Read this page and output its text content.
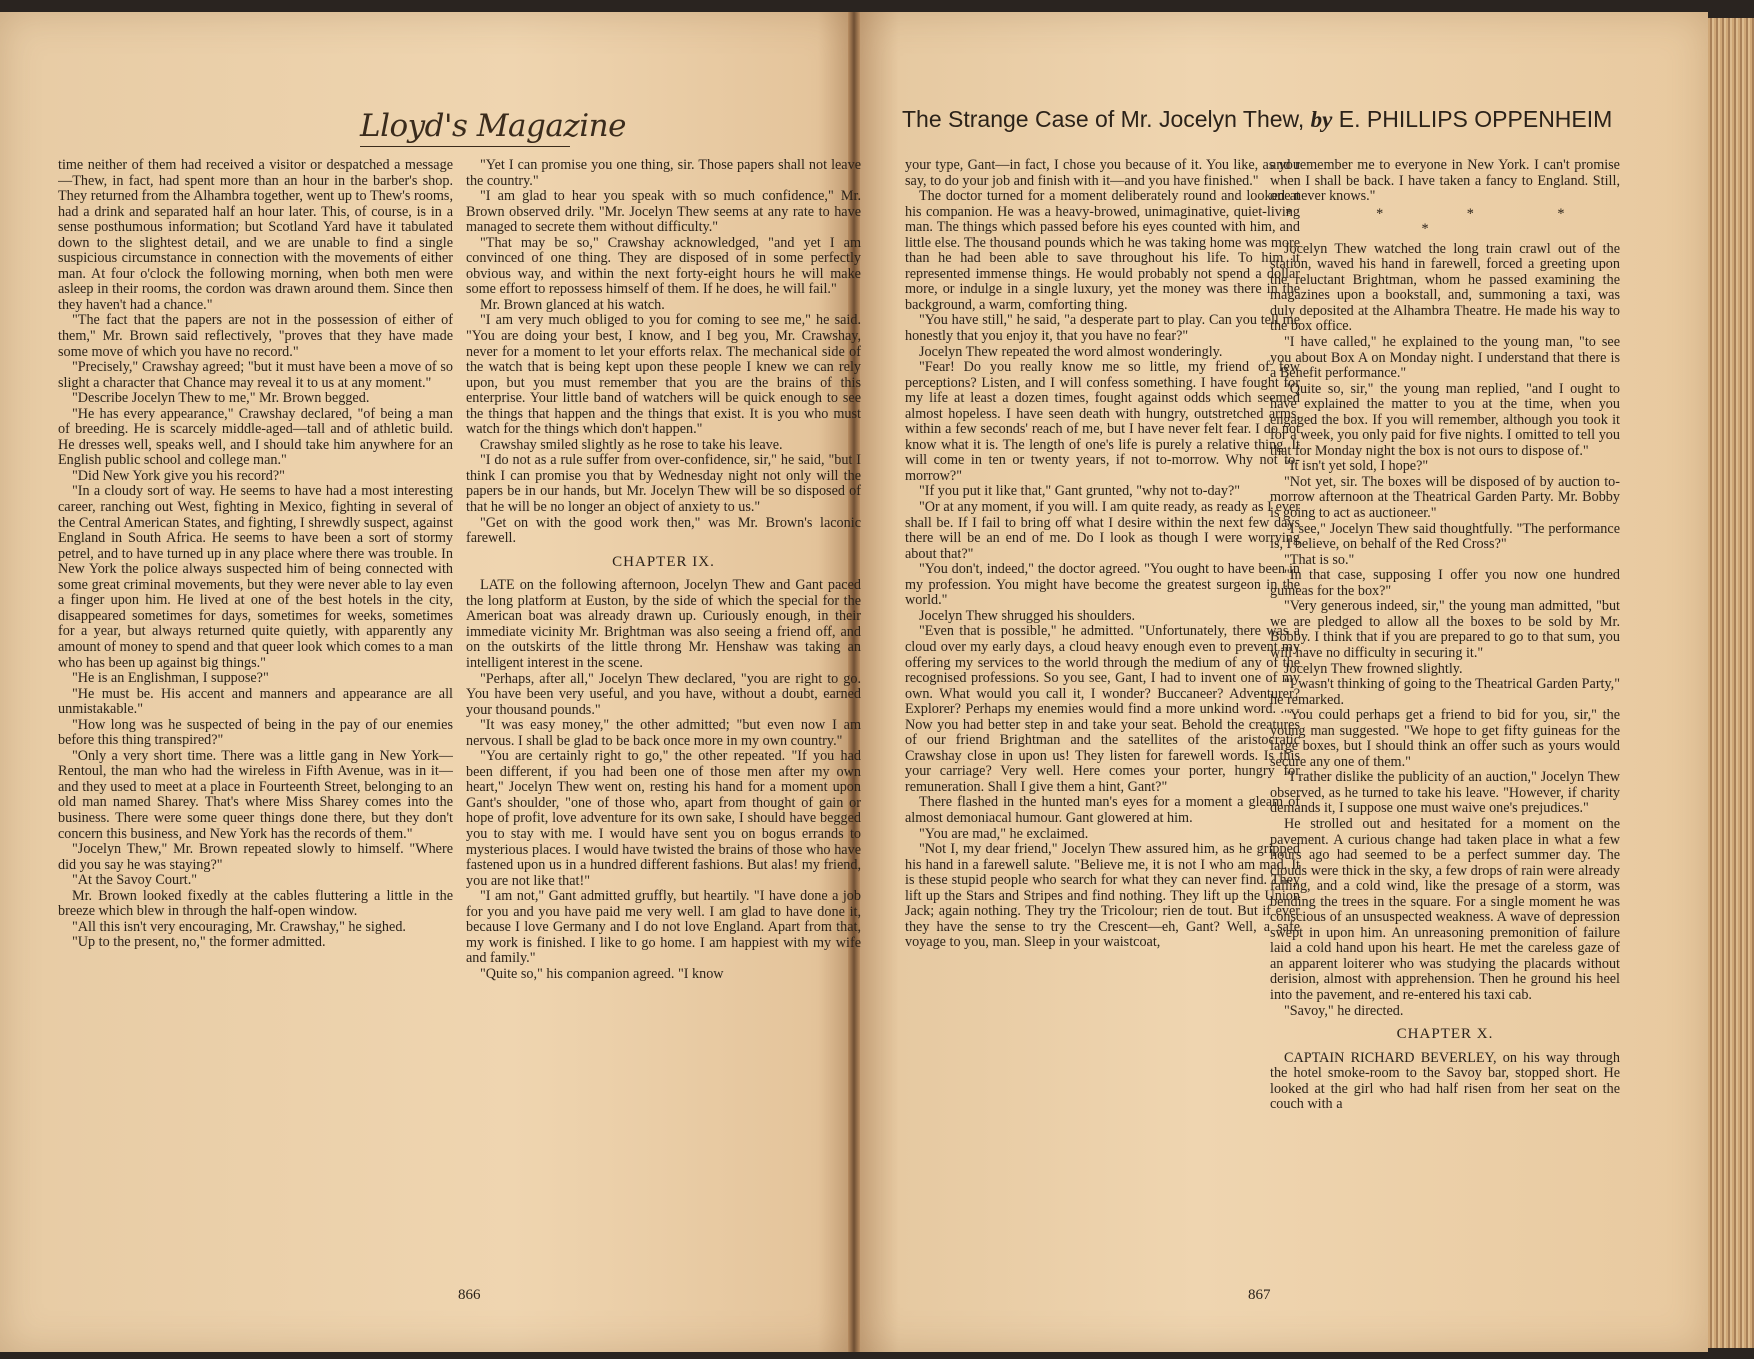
Lloyd's Magazine	The Strange Case of Mr. Jocelyn Thew, by E. PHILLIPS OPPENHEIM

time neither of them had received a visitor or despatched a message—Thew, in fact, had spent more than an hour in the barber's shop. They returned from the Alhambra together, went up to Thew's rooms, had a drink and separated half an hour later. This, of course, is in a sense posthumous information; but Scotland Yard have it tabulated down to the slightest detail, and we are unable to find a single suspicious circumstance in connection with the movements of either man. At four o'clock the following morning, when both men were asleep in their rooms, the cordon was drawn around them. Since then they haven't had a chance."

"The fact that the papers are not in the possession of either of them," Mr. Brown said reflectively, "proves that they have made some move of which you have no record."

"Precisely," Crawshay agreed; "but it must have been a move of so slight a character that Chance may reveal it to us at any moment."

"Describe Jocelyn Thew to me," Mr. Brown begged.

"He has every appearance," Crawshay declared, "of being a man of breeding. He is scarcely middle-aged—tall and of athletic build. He dresses well, speaks well, and I should take him anywhere for an English public school and college man."

"Did New York give you his record?"

"In a cloudy sort of way. He seems to have had a most interesting career, ranching out West, fighting in Mexico, fighting in several of the Central American States, and fighting, I shrewdly suspect, against England in South Africa. He seems to have been a sort of stormy petrel, and to have turned up in any place where there was trouble. In New York the police always suspected him of being connected with some great criminal movements, but they were never able to lay even a finger upon him. He lived at one of the best hotels in the city, disappeared sometimes for days, sometimes for weeks, sometimes for a year, but always returned quite quietly, with apparently any amount of money to spend and that queer look which comes to a man who has been up against big things."

"He is an Englishman, I suppose?"

"He must be. His accent and manners and appearance are all unmistakable."

"How long was he suspected of being in the pay of our enemies before this thing transpired?"

"Only a very short time. There was a little gang in New York—Rentoul, the man who had the wireless in Fifth Avenue, was in it—and they used to meet at a place in Fourteenth Street, belonging to an old man named Sharey. That's where Miss Sharey comes into the business. There were some queer things done there, but they don't concern this business, and New York has the records of them."

"Jocelyn Thew," Mr. Brown repeated slowly to himself. "Where did you say he was staying?"

"At the Savoy Court."

Mr. Brown looked fixedly at the cables fluttering a little in the breeze which blew in through the half-open window.

"All this isn't very encouraging, Mr. Crawshay," he sighed.

"Up to the present, no," the former admitted.

"Yet I can promise you one thing, sir. Those papers shall not leave the country."

"I am glad to hear you speak with so much confidence," Mr. Brown observed drily. "Mr. Jocelyn Thew seems at any rate to have managed to secrete them without difficulty."

"That may be so," Crawshay acknowledged, "and yet I am convinced of one thing. They are disposed of in some perfectly obvious way, and within the next forty-eight hours he will make some effort to repossess himself of them. If he does, he will fail."

Mr. Brown glanced at his watch.

"I am very much obliged to you for coming to see me," he said. "You are doing your best, I know, and I beg you, Mr. Crawshay, never for a moment to let your efforts relax. The mechanical side of the watch that is being kept upon these people I knew we can rely upon, but you must remember that you are the brains of this enterprise. Your little band of watchers will be quick enough to see the things that happen and the things that exist. It is you who must watch for the things which don't happen."

Crawshay smiled slightly as he rose to take his leave.

"I do not as a rule suffer from over-confidence, sir," he said, "but I think I can promise you that by Wednesday night not only will the papers be in our hands, but Mr. Jocelyn Thew will be so disposed of that he will be no longer an object of anxiety to us."

"Get on with the good work then," was Mr. Brown's laconic farewell.

CHAPTER IX.

LATE on the following afternoon, Jocelyn Thew and Gant paced the long platform at Euston, by the side of which the special for the American boat was already drawn up. Curiously enough, in their immediate vicinity Mr. Brightman was also seeing a friend off, and on the outskirts of the little throng Mr. Henshaw was taking an intelligent interest in the scene.

"Perhaps, after all," Jocelyn Thew declared, "you are right to go. You have been very useful, and you have, without a doubt, earned your thousand pounds."

"It was easy money," the other admitted; "but even now I am nervous. I shall be glad to be back once more in my own country."

"You are certainly right to go," the other repeated. "If you had been different, if you had been one of those men after my own heart," Jocelyn Thew went on, resting his hand for a moment upon Gant's shoulder, "one of those who, apart from thought of gain or hope of profit, love adventure for its own sake, I should have begged you to stay with me. I would have sent you on bogus errands to mysterious places. I would have twisted the brains of those who have fastened upon us in a hundred different fashions. But alas! my friend, you are not like that!"

"I am not," Gant admitted gruffly, but heartily. "I have done a job for you and you have paid me very well. I am glad to have done it, because I love Germany and I do not love England. Apart from that, my work is finished. I like to go home. I am happiest with my wife and family."

"Quite so," his companion agreed. "I know

your type, Gant—in fact, I chose you because of it. You like, as you say, to do your job and finish with it—and you have finished."

The doctor turned for a moment deliberately round and looked at his companion. He was a heavy-browed, unimaginative, quiet-living man. The things which passed before his eyes counted with him, and little else. The thousand pounds which he was taking home was more than he had been able to save throughout his life. To him it represented immense things. He would probably not spend a dollar more, or indulge in a single luxury, yet the money was there in the background, a warm, comforting thing.

"You have still," he said, "a desperate part to play. Can you tell me honestly that you enjoy it, that you have no fear?"

Jocelyn Thew repeated the word almost wonderingly.

"Fear! Do you really know me so little, my friend of few perceptions? Listen, and I will confess something. I have fought for my life at least a dozen times, fought against odds which seemed almost hopeless. I have seen death with hungry, outstretched arms, within a few seconds' reach of me, but I have never felt fear. I do not know what it is. The length of one's life is purely a relative thing. It will come in ten or twenty years, if not to-morrow. Why not to-morrow?"

"If you put it like that," Gant grunted, "why not to-day?"

"Or at any moment, if you will. I am quite ready, as ready as I ever shall be. If I fail to bring off what I desire within the next few days there will be an end of me. Do I look as though I were worrying about that?"

"You don't, indeed," the doctor agreed. "You ought to have been in my profession. You might have become the greatest surgeon in the world."

Jocelyn Thew shrugged his shoulders.

"Even that is possible," he admitted. "Unfortunately, there was a cloud over my early days, a cloud heavy enough even to prevent my offering my services to the world through the medium of any of the recognised professions. So you see, Gant, I had to invent one of my own. What would you call it, I wonder? Buccaneer? Adventurer? Explorer? Perhaps my enemies would find a more unkind word. . . . Now you had better step in and take your seat. Behold the creatures of our friend Brightman and the satellites of the aristocratic Crawshay close in upon us! They listen for farewell words. Is this your carriage? Very well. Here comes your porter, hungry for remuneration. Shall I give them a hint, Gant?"

There flashed in the hunted man's eyes for a moment a gleam of almost demoniacal humour. Gant glowered at him.

"You are mad," he exclaimed.

"Not I, my dear friend," Jocelyn Thew assured him, as he gripped his hand in a farewell salute. "Believe me, it is not I who am mad. It is these stupid people who search for what they can never find. They lift up the Stars and Stripes and find nothing. They lift up the Union Jack; again nothing. They try the Tricolour; rien de tout. But if ever they have the sense to try the Crescent—eh, Gant? Well, a safe voyage to you, man. Sleep in your waistcoat,

and remember me to everyone in New York. I can't promise when I shall be back. I have taken a fancy to England. Still, one never knows."

* * * * *

Jocelyn Thew watched the long train crawl out of the station, waved his hand in farewell, forced a greeting upon the reluctant Brightman, whom he passed examining the magazines upon a bookstall, and, summoning a taxi, was duly deposited at the Alhambra Theatre. He made his way to the box office.

"I have called," he explained to the young man, "to see you about Box A on Monday night. I understand that there is a Benefit performance."

"Quite so, sir," the young man replied, "and I ought to have explained the matter to you at the time, when you engaged the box. If you will remember, although you took it for a week, you only paid for five nights. I omitted to tell you that for Monday night the box is not ours to dispose of."

"It isn't yet sold, I hope?"

"Not yet, sir. The boxes will be disposed of by auction to-morrow afternoon at the Theatrical Garden Party. Mr. Bobby is going to act as auctioneer."

"I see," Jocelyn Thew said thoughtfully. "The performance is, I believe, on behalf of the Red Cross?"

"That is so."

"In that case, supposing I offer you now one hundred guineas for the box?"

"Very generous indeed, sir," the young man admitted, "but we are pledged to allow all the boxes to be sold by Mr. Bobby. I think that if you are prepared to go to that sum, you will have no difficulty in securing it."

Jocelyn Thew frowned slightly.

"I wasn't thinking of going to the Theatrical Garden Party," he remarked.

"You could perhaps get a friend to bid for you, sir," the young man suggested. "We hope to get fifty guineas for the large boxes, but I should think an offer such as yours would secure any one of them."

"I rather dislike the publicity of an auction," Jocelyn Thew observed, as he turned to take his leave. "However, if charity demands it, I suppose one must waive one's prejudices."

He strolled out and hesitated for a moment on the pavement. A curious change had taken place in what a few hours ago had seemed to be a perfect summer day. The clouds were thick in the sky, a few drops of rain were already falling, and a cold wind, like the presage of a storm, was bending the trees in the square. For a single moment he was conscious of an unsuspected weakness. A wave of depression swept in upon him. An unreasoning premonition of failure laid a cold hand upon his heart. He met the careless gaze of an apparent loiterer who was studying the placards without derision, almost with apprehension. Then he ground his heel into the pavement, and re-entered his taxi cab.

"Savoy," he directed.

CHAPTER X.

CAPTAIN RICHARD BEVERLEY, on his way through the hotel smoke-room to the Savoy bar, stopped short. He looked at the girl who had half risen from her seat on the couch with a

866	867
